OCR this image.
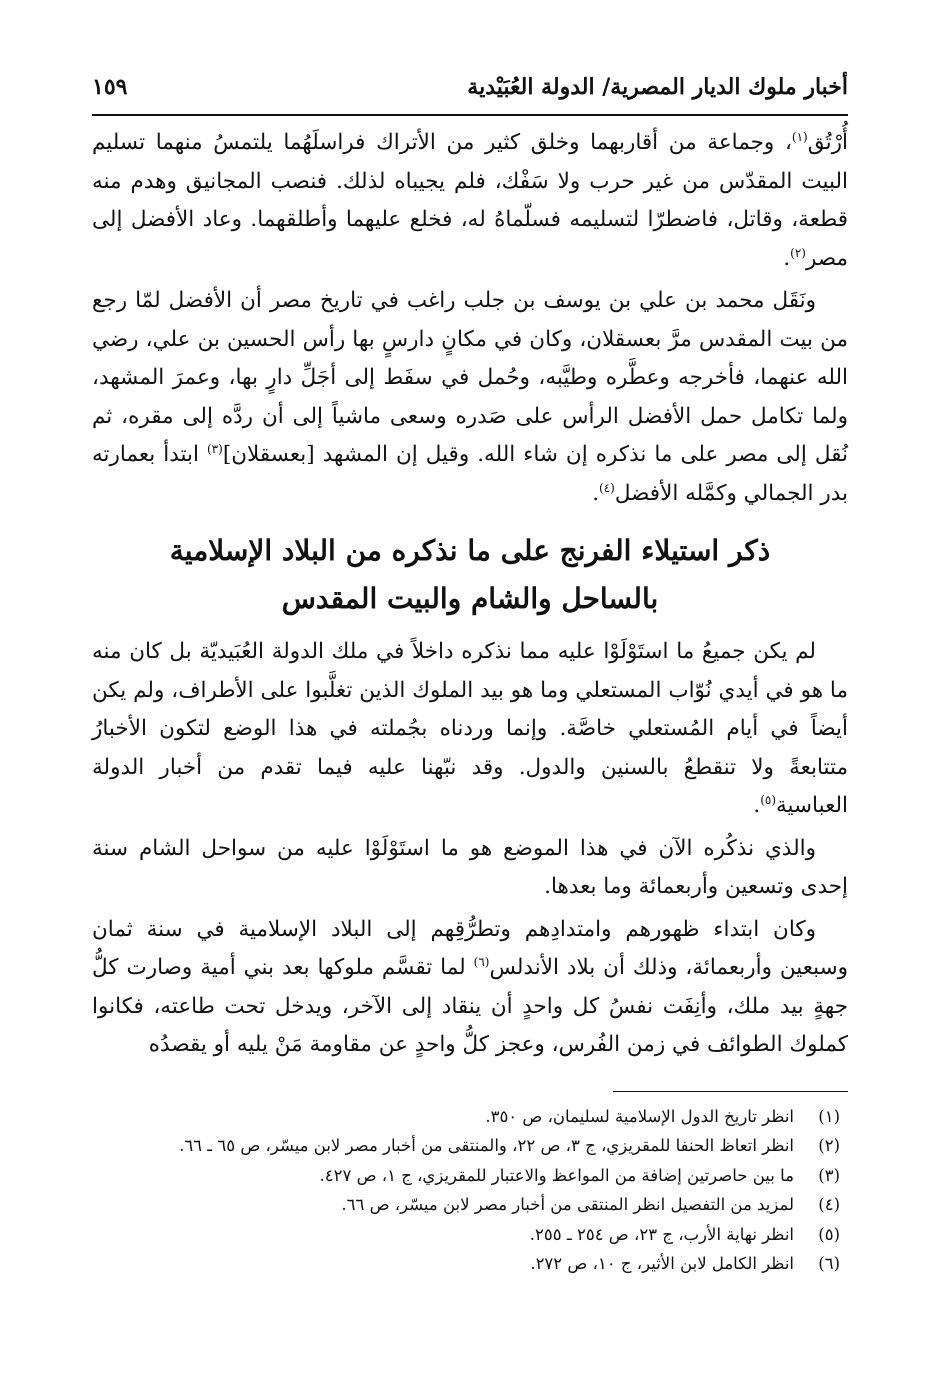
أخبار ملوك الديار المصرية/ الدولة العُبَيْدية
١٥٩

أُرْتُق$^{(١)}$، وجماعة من أقاربهما وخلق كثير من الأتراك فراسلَهُما يلتمسُ منهما تسليم البيت المقدّس من غير حرب ولا سَفْك، فلم يجيباه لذلك. فنصب المجانيق وهدم منه قطعة، وقاتل، فاضطرّا لتسليمه فسلّماهُ له، فخلع عليهما وأطلقهما. وعاد الأفضل إلى مصر$^{(٢)}$.

ونَقَل محمد بن علي بن يوسف بن جلب راغب في تاريخ مصر أن الأفضل لمّا رجع من بيت المقدس مرَّ بعسقلان، وكان في مكانٍ دارسٍ بها رأس الحسين بن علي، رضي الله عنهما، فأخرجه وعطَّره وطيَّبه، وحُمل في سفَط إلى أجَلِّ دارٍ بها، وعمرَ المشهد، ولما تكامل حمل الأفضل الرأس على صَدره وسعى ماشياً إلى أن ردَّه إلى مقره، ثم نُقل إلى مصر على ما نذكره إن شاء الله. وقيل إن المشهد [بعسقلان]$^{(٣)}$ ابتدأ بعمارته بدر الجمالي وكمَّله الأفضل$^{(٤)}$.

ذكر استيلاء الفرنج على ما نذكره من البلاد الإسلامية
بالساحل والشام والبيت المقدس

لم يكن جميعُ ما استَوْلَوْا عليه مما نذكره داخلاً في ملك الدولة العُبَيديّة بل كان منه ما هو في أيدي نُوّاب المستعلي وما هو بيد الملوك الذين تغلَّبوا على الأطراف، ولم يكن أيضاً في أيام المُستعلي خاصَّة. وإنما وردناه بجُملته في هذا الوضع لتكون الأخبارُ متتابعةً ولا تنقطعُ بالسنين والدول. وقد نبّهنا عليه فيما تقدم من أخبار الدولة العباسية$^{(٥)}$.

والذي نذكُره الآن في هذا الموضع هو ما استَوْلَوْا عليه من سواحل الشام سنة إحدى وتسعين وأربعمائة وما بعدها.

وكان ابتداء ظهورهم وامتدادِهم وتطرُّقِهم إلى البلاد الإسلامية في سنة ثمان وسبعين وأربعمائة، وذلك أن بلاد الأندلس$^{(٦)}$ لما تقسَّم ملوكها بعد بني أمية وصارت كلُّ جهةٍ بيد ملك، وأنِفَت نفسُ كل واحدٍ أن ينقاد إلى الآخر، ويدخل تحت طاعته، فكانوا كملوك الطوائف في زمن الفُرس، وعجز كلُّ واحدٍ عن مقاومة مَنْ يليه أو يقصدُه

(١)انظر تاريخ الدول الإسلامية لسليمان، ص ٣٥٠.
(٢)انظر اتعاظ الحنفا للمقريزي، ج ٣، ص ٢٢، والمنتقى من أخبار مصر لابن ميسّر، ص ٦٥ ـ ٦٦.
(٣)ما بين حاصرتين إضافة من المواعظ والاعتبار للمقريزي، ج ١، ص ٤٢٧.
(٤)لمزيد من التفصيل انظر المنتقى من أخبار مصر لابن ميسّر، ص ٦٦.
(٥)انظر نهاية الأرب، ج ٢٣، ص ٢٥٤ ـ ٢٥٥.
(٦)انظر الكامل لابن الأثير، ج ١٠، ص ٢٧٢.
